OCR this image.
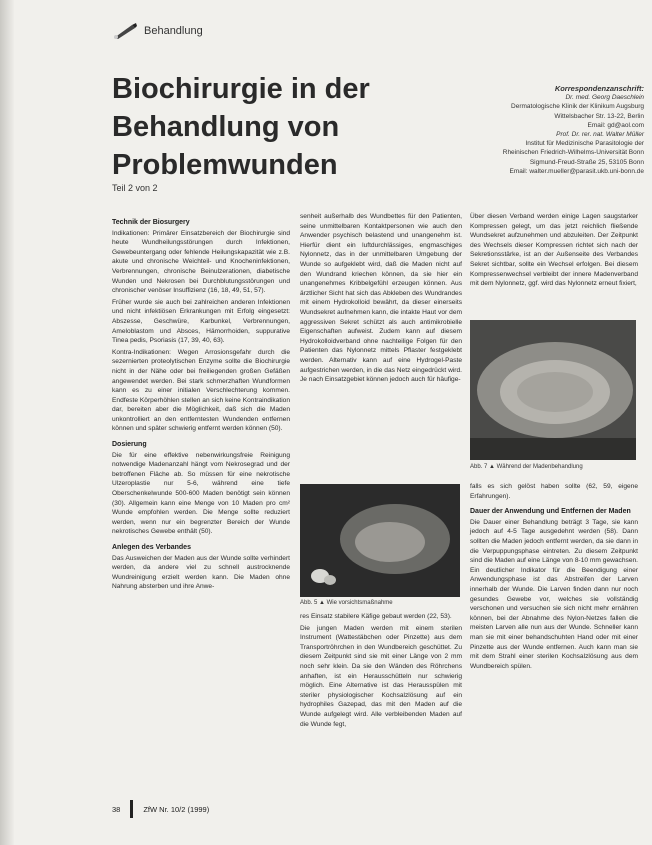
Behandlung
Biochirurgie in der Behandlung von Problemwunden
Teil 2 von 2
Korrespondenzanschrift:
Dr. med. Georg Daeschlein
Dermatologische Klinik der Klinikum Augsburg
Wittelsbacher Str. 13-22, Berlin
Email: gd@aol.com
Prof. Dr. rer. nat. Walter Müller
Institut für Medizinische Parasitologie der
Rheinischen Friedrich-Wilhelms-Universität Bonn
Sigmund-Freud-Straße 25, 53105 Bonn
Email: walter.mueller@parasit.ukb.uni-bonn.de
Technik der Biosurgery

Indikationen: Primärer Einsatzbereich der Biochirurgie sind heute Wundheilungsstörungen durch Infektionen, Gewebeuntergang oder fehlende Heilungskapazität wie z.B. akute und chronische Weichteil- und Knocheninfektionen, Verbrennungen, chronische Beinulzerationen, diabetische Wunden und Nekrosen bei Durchblutungsstörungen und chronischer venöser Insuffizienz (16, 18, 49, 51, 57).

Früher wurde sie auch bei zahlreichen anderen Infektionen und nicht infektiösen Erkrankungen mit Erfolg eingesetzt: Abszesse, Geschwüre, Karbunkel, Verbrennungen, Ameloblastom und Absces, Hämorrhoiden, suppurative Tinea pedis, Psoriasis (17, 39, 40, 63).

Kontra-Indikationen: Wegen Arrosionsgefahr durch die sezernierten proteolytischen Enzyme sollte die Biochirurgie nicht in der Nähe oder bei freiliegenden großen Gefäßen angewendet werden. Bei stark schmerzhaften Wundformen kann es zu einer initialen Verschlechterung kommen. Endfeste Körperhöhlen stellen an sich keine Kontraindikation dar, bereiten aber die Möglichkeit, daß sich die Maden unkontrolliert an den entferntesten Wundenden entfernen können und später schwierig entfernt werden können (50).

Dosierung

Die für eine effektive nebenwirkungsfreie Reinigung notwendige Madenanzahl hängt vom Nekrosegrad und der betroffenen Fläche ab. So müssen für eine nekrotische Ulzeroplastie nur 5-6, während eine tiefe Oberschenkelwunde 500-600 Maden benötigt sein können (30). Allgemein kann eine Menge von 10 Maden pro cm² Wunde empfohlen werden. Die Menge sollte reduziert werden, wenn nur ein begrenzter Bereich der Wunde nekrotisches Gewebe enthält (50).

Anlegen des Verbandes

Das Ausweichen der Maden aus der Wunde sollte verhindert werden, da andere viel zu schnell austrocknende Wundreinigung erzielt werden kann. Die Maden ohne Nahrung absterben und ihre Anwe-

senheit außerhalb des Wundbettes für den Patienten, seine unmittelbaren Kontaktpersonen wie auch den Anwender psychisch belastend und unangenehm ist. Hierfür dient ein luftdurchlässiges, engmaschiges Nylonnetz, das in der unmittelbaren Umgebung der Wunde so aufgeklebt wird, daß die Maden nicht auf den Wundrand kriechen können, da sie hier ein unangenehmes Kribbelgefühl erzeugen können. Aus ärztlicher Sicht hat sich das Abkleben des Wundrandes mit einem Hydrokolloid bewährt, da dieser einerseits Wundsekret aufnehmen kann, die intakte Haut vor dem aggressiven Sekret schützt als auch antimikrobielle Eigenschaften aufweist. Zudem kann auf diesem Hydrokolloidverband ohne nachteilige Folgen für den Patienten das Nylonnetz mittels Pflaster festgeklebt werden. Alternativ kann auf eine Hydrogel-Paste aufgestrichen werden, in die das Netz eingedrückt wird. Je nach Einsatzgebiet können jedoch auch für häufige-

Abb. 5 ▲ Wie vorsichtsmaßnahme

res Einsatz stabilere Käfige gebaut werden (22, 53).

Die jungen Maden werden mit einem sterilen Instrument (Wattestäbchen oder Pinzette) aus dem Transportröhrchen in den Wundbereich geschüttet. Zu diesem Zeitpunkt sind sie mit einer Länge von 2 mm noch sehr klein. Da sie den Wänden des Röhrchens anhaften, ist ein Herausschütteln nur schwierig möglich. Eine Alternative ist das Herausspülen mit steriler physiologischer Kochsalzlösung auf ein hydrophiles Gazepad, das mit den Maden auf die Wunde aufgelegt wird. Alle verbleibenden Maden auf die Wunde fegt,

Über diesen Verband werden einige Lagen saugstarker Kompressen gelegt, um das jetzt reichlich fließende Wundsekret aufzunehmen und abzuleiten. Der Zeitpunkt des Wechsels dieser Kompressen richtet sich nach der Sekretionsstärke, ist an der Außenseite des Verbandes Sekret sichtbar, sollte ein Wechsel erfolgen. Bei diesem Kompressenwechsel verbleibt der innere Madenverband mit dem Nylonnetz, ggf. wird das Nylonnetz erneut fixiert,

Abb. 7 ▲ Während der Madenbehandlung

falls es sich gelöst haben sollte (62, 59, eigene Erfahrungen).

Dauer der Anwendung und Entfernen der Maden

Die Dauer einer Behandlung beträgt 3 Tage, sie kann jedoch auf 4-5 Tage ausgedehnt werden (58). Dann sollten die Maden jedoch entfernt werden, da sie dann in die Verpuppungsphase eintreten. Zu diesem Zeitpunkt sind die Maden auf eine Länge von 8-10 mm gewachsen. Ein deutlicher Indikator für die Beendigung einer Anwendungsphase ist das Abstreifen der Larven innerhalb der Wunde. Die Larven finden dann nur noch gesundes Gewebe vor, welches sie vollständig verschonen und versuchen sie sich nicht mehr ernähren können, bei der Abnahme des Nylon-Netzes fallen die meisten Larven alle nun aus der Wunde. Schneller kann man sie mit einer behandschuhten Hand oder mit einer Pinzette aus der Wunde entfernen. Auch kann man sie mit dem Strahl einer sterilen Kochsalzlösung aus dem Wundbereich spülen.

38	ZfW Nr. 10/2 (1999)
